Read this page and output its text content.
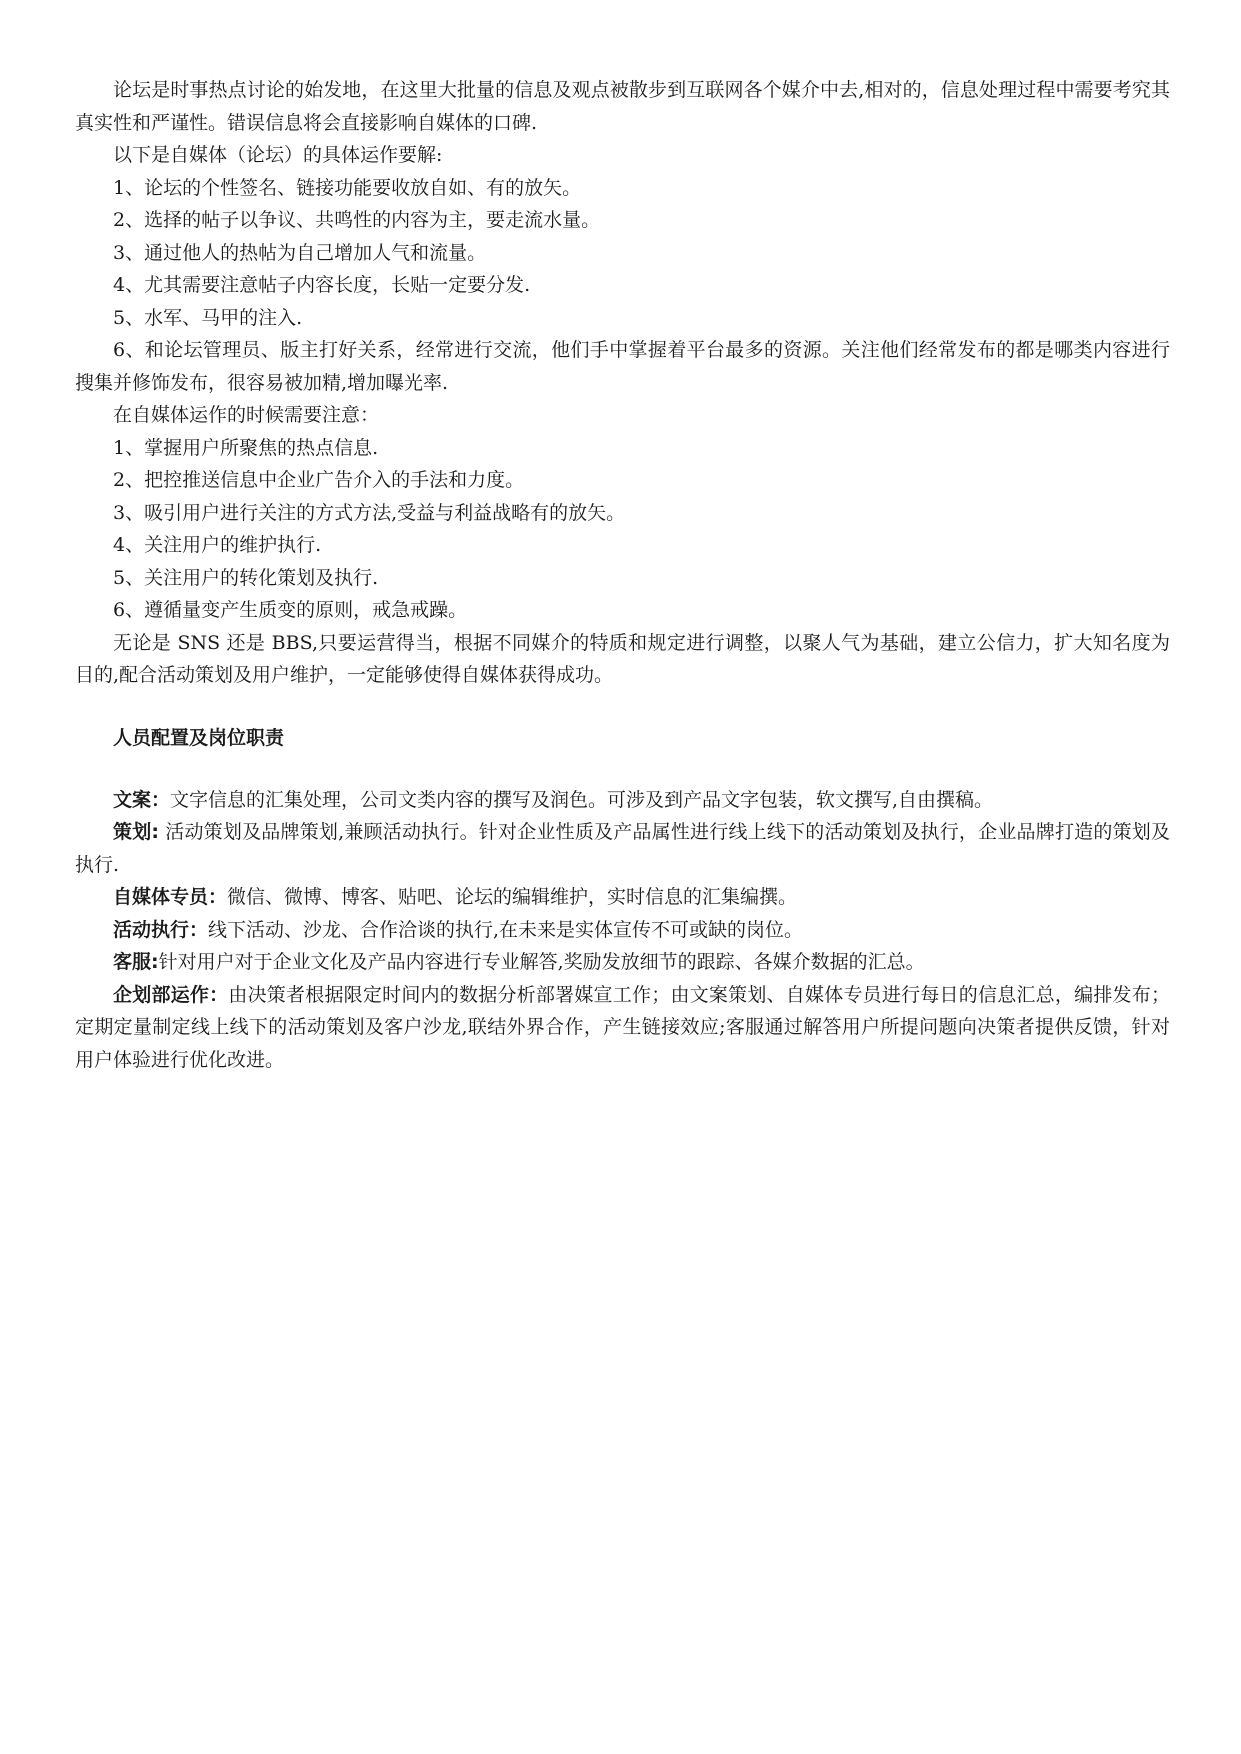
论坛是时事热点讨论的始发地，在这里大批量的信息及观点被散步到互联网各个媒介中去,相对的，信息处理过程中需要考究其真实性和严谨性。错误信息将会直接影响自媒体的口碑.

以下是自媒体（论坛）的具体运作要解:

1、论坛的个性签名、链接功能要收放自如、有的放矢。

2、选择的帖子以争议、共鸣性的内容为主，要走流水量。

3、通过他人的热帖为自己增加人气和流量。

4、尤其需要注意帖子内容长度，长贴一定要分发.

5、水军、马甲的注入.

6、和论坛管理员、版主打好关系，经常进行交流，他们手中掌握着平台最多的资源。关注他们经常发布的都是哪类内容进行搜集并修饰发布，很容易被加精,增加曝光率.

在自媒体运作的时候需要注意：

1、掌握用户所聚焦的热点信息.

2、把控推送信息中企业广告介入的手法和力度。

3、吸引用户进行关注的方式方法,受益与利益战略有的放矢。

4、关注用户的维护执行.

5、关注用户的转化策划及执行.

6、遵循量变产生质变的原则，戒急戒躁。

无论是 SNS 还是 BBS,只要运营得当，根据不同媒介的特质和规定进行调整，以聚人气为基础，建立公信力，扩大知名度为目的,配合活动策划及用户维护，一定能够使得自媒体获得成功。

人员配置及岗位职责

文案：文字信息的汇集处理，公司文类内容的撰写及润色。可涉及到产品文字包装，软文撰写,自由撰稿。

策划: 活动策划及品牌策划,兼顾活动执行。针对企业性质及产品属性进行线上线下的活动策划及执行，企业品牌打造的策划及执行.

自媒体专员：微信、微博、博客、贴吧、论坛的编辑维护，实时信息的汇集编撰。

活动执行：线下活动、沙龙、合作洽谈的执行,在未来是实体宣传不可或缺的岗位。

客服:针对用户对于企业文化及产品内容进行专业解答,奖励发放细节的跟踪、各媒介数据的汇总。

企划部运作：由决策者根据限定时间内的数据分析部署媒宣工作；由文案策划、自媒体专员进行每日的信息汇总，编排发布；定期定量制定线上线下的活动策划及客户沙龙,联结外界合作，产生链接效应;客服通过解答用户所提问题向决策者提供反馈，针对用户体验进行优化改进。
